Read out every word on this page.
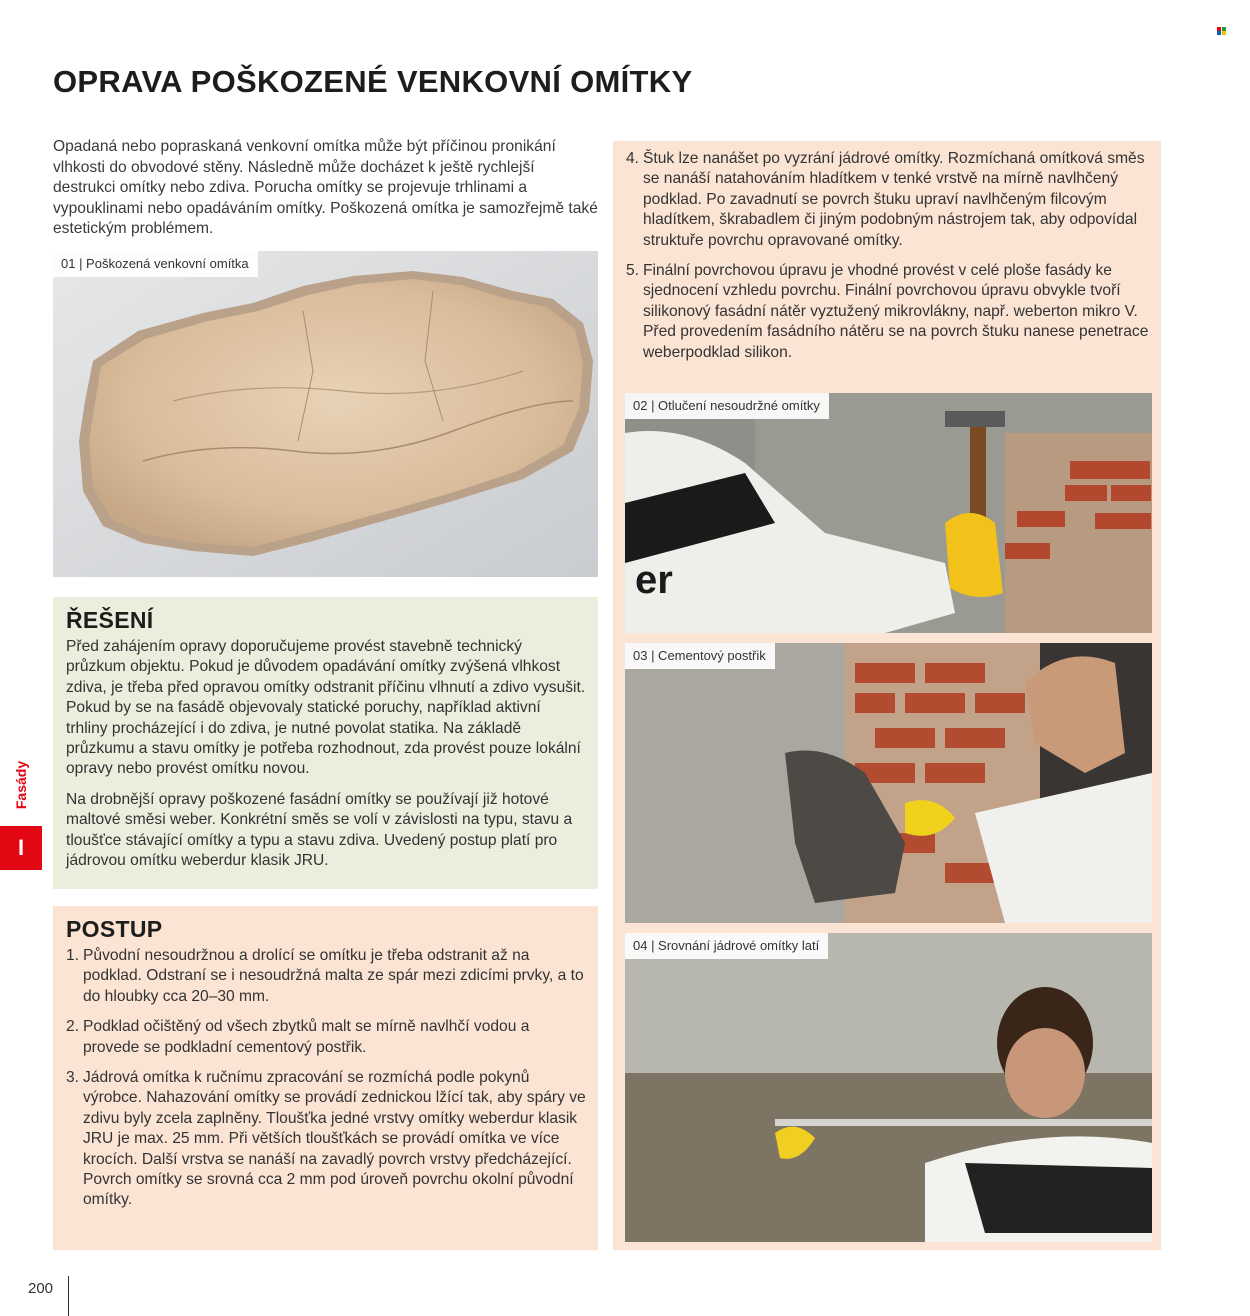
OPRAVA POŠKOZENÉ VENKOVNÍ OMÍTKY

Opadaná nebo popraskaná venkovní omítka může být příčinou pronikání vlhkosti do obvodové stěny. Následně může docházet k ještě rychlejší destrukci omítky nebo zdiva. Porucha omítky se projevuje trhlinami a vypouklinami nebo opadáváním omítky. Poškozená omítka je samozřejmě také estetickým problémem.

01 | Poškozená venkovní omítka
ŘEŠENÍ

Před zahájením opravy doporučujeme provést stavebně technický průzkum objektu. Pokud je důvodem opadávání omítky zvýšená vlhkost zdiva, je třeba před opravou omítky odstranit příčinu vlhnutí a zdivo vysušit. Pokud by se na fasádě objevovaly statické poruchy, například aktivní trhliny procházející i do zdiva, je nutné povolat statika. Na základě průzkumu a stavu omítky je potřeba rozhodnout, zda provést pouze lokální opravy nebo provést omítku novou.

Na drobnější opravy poškozené fasádní omítky se používají již hotové maltové směsi weber. Konkrétní směs se volí v závislosti na typu, stavu a tloušťce stávající omítky a typu a stavu zdiva. Uvedený postup platí pro jádrovou omítku weberdur klasik JRU.

POSTUP
1. Původní nesoudržnou a drolící se omítku je třeba odstranit až na podklad. Odstraní se i nesoudržná malta ze spár mezi zdicími prvky, a to do hloubky cca 20–30 mm.
2. Podklad očištěný od všech zbytků malt se mírně navlhčí vodou a provede se podkladní cementový postřik.
3. Jádrová omítka k ručnímu zpracování se rozmíchá podle pokynů výrobce. Nahazování omítky se provádí zednickou lžící tak, aby spáry ve zdivu byly zcela zaplněny. Tloušťka jedné vrstvy omítky weberdur klasik JRU je max. 25 mm. Při větších tloušťkách se provádí omítka ve více krocích. Další vrstva se nanáší na zavadlý povrch vrstvy předcházející. Povrch omítky se srovná cca 2 mm pod úroveň povrchu okolní původní omítky.
4. Štuk lze nanášet po vyzrání jádrové omítky. Rozmíchaná omítková směs se nanáší natahováním hladítkem v tenké vrstvě na mírně navlhčený podklad. Po zavadnutí se povrch štuku upraví navlhčeným filcovým hladítkem, škrabadlem či jiným podobným nástrojem tak, aby odpovídal struktuře povrchu opravované omítky.
5. Finální povrchovou úpravu je vhodné provést v celé ploše fasády ke sjednocení vzhledu povrchu. Finální povrchovou úpravu obvykle tvoří silikonový fasádní nátěr vyztužený mikrovlákny, např. weberton mikro V. Před provedením fasádního nátěru se na povrch štuku nanese penetrace weberpodklad silikon.
er
02 | Otlučení nesoudržné omítky
03 | Cementový postřik
04 | Srovnání jádrové omítky latí
Fasády
I
200
